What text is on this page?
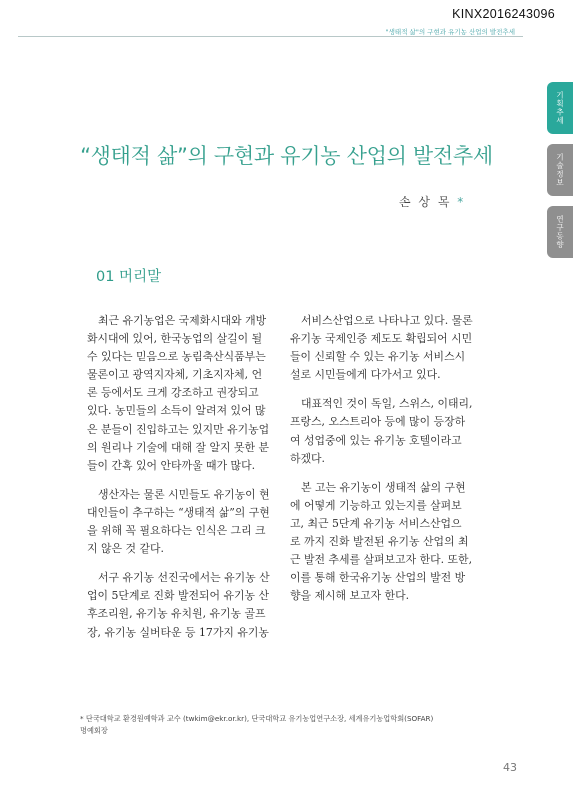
KINX2016243096
"생태적 삶"의 구현과 유기농 산업의 발전추세
기획추세
기술정보
연구동향
“생태적 삶”의 구현과 유기농 산업의 발전추세
손 상 목 *
01 머리말

최근 유기농업은 국제화시대와 개방
화시대에 있어, 한국농업의 살길이 될
수 있다는 믿음으로 농림축산식품부는
물론이고 광역지자체, 기초지자체, 언
론 등에서도 크게 강조하고 권장되고
있다. 농민들의 소득이 알려져 있어 많
은 분들이 진입하고는 있지만 유기농업
의 원리나 기술에 대해 잘 알지 못한 분
들이 간혹 있어 안타까울 때가 많다.

생산자는 물론 시민들도 유기농이 현
대인들이 추구하는 “생태적 삶”의 구현
을 위해 꼭 필요하다는 인식은 그리 크
지 않은 것 같다.

서구 유기농 선진국에서는 유기농 산
업이 5단계로 진화 발전되어 유기농 산
후조리원, 유기농 유치원, 유기농 골프
장, 유기농 실버타운 등 17가지 유기농

서비스산업으로 나타나고 있다. 물론
유기농 국제인증 제도도 확립되어 시민
들이 신뢰할 수 있는 유기농 서비스시
설로 시민들에게 다가서고 있다.

대표적인 것이 독일, 스위스, 이태리,
프랑스, 오스트리아 등에 많이 등장하
여 성업중에 있는 유기농 호텔이라고
하겠다.

본 고는 유기농이 생태적 삶의 구현
에 어떻게 기능하고 있는지를 살펴보
고, 최근 5단계 유기농 서비스산업으
로 까지 진화 발전된 유기농 산업의 최
근 발전 추세를 살펴보고자 한다. 또한,
이를 통해 한국유기농 산업의 발전 방
향을 제시해 보고자 한다.

* 단국대학교 환경원예학과 교수 (twkim@ekr.or.kr), 단국대학교 유기농업연구소장, 세계유기농업학회(SOFAR)
명예회장
43
